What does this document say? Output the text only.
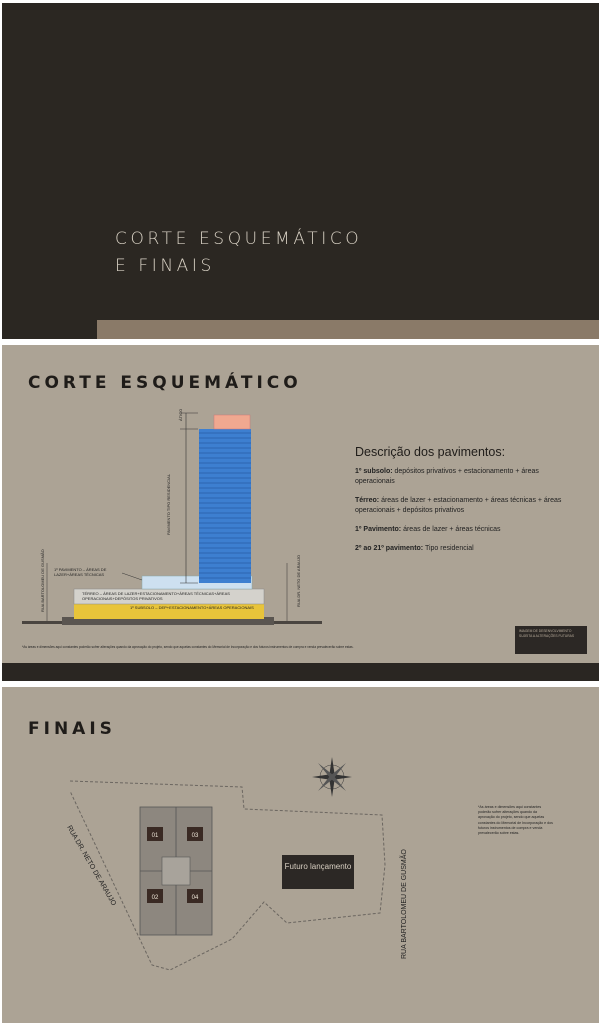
CORTE ESQUEMÁTICO
E FINAIS
CORTE ESQUEMÁTICO
ÁTICO
PAVIMENTO TIPO RESIDENCIAL
RUA BARTOLOMEU DE GUSMÃO	RUA DR. NETO DE ARAUJO
1º PAVIMENTO – ÁREAS DE LAZER+ÁREAS TÉCNICAS
TÉRREO – ÁREAS DE LAZER+ESTACIONAMENTO+ÁREAS TÉCNICAS+ÁREAS OPERACIONAIS+DEPÓSITOS PRIVATIVOS
1º SUBSOLO – DEP+ESTACIONAMENTO+ÁREAS OPERACIONAIS
Descrição dos pavimentos:

1º subsolo: depósitos privativos + estacionamento + áreas operacionais

Térreo: áreas de lazer + estacionamento + áreas técnicas + áreas operacionais + depósitos privativos

1º Pavimento: áreas de lazer + áreas técnicas

2º ao 21º pavimento: Tipo residencial

IMAGEM DE DESENVOLVIMENTO SUJEITA A ALTERAÇÕES FUTURAS
*As áreas e dimensões aqui constantes poderão sofrer alterações quando da aprovação do projeto, sendo que aquelas constantes do Memorial de Incorporação e dos futuros instrumentos de compra e venda prevalecerão sobre estas.
FINAIS
01	03
02	04
RUA DR. NETO DE ARAUJO	RUA BARTOLOMEU DE GUSMÃO
Futuro lançamento
*As áreas e dimensões aqui constantes poderão sofrer alterações quando da aprovação do projeto, sendo que aquelas constantes do Memorial de Incorporação e dos futuros instrumentos de compra e venda prevalecerão sobre estas.
